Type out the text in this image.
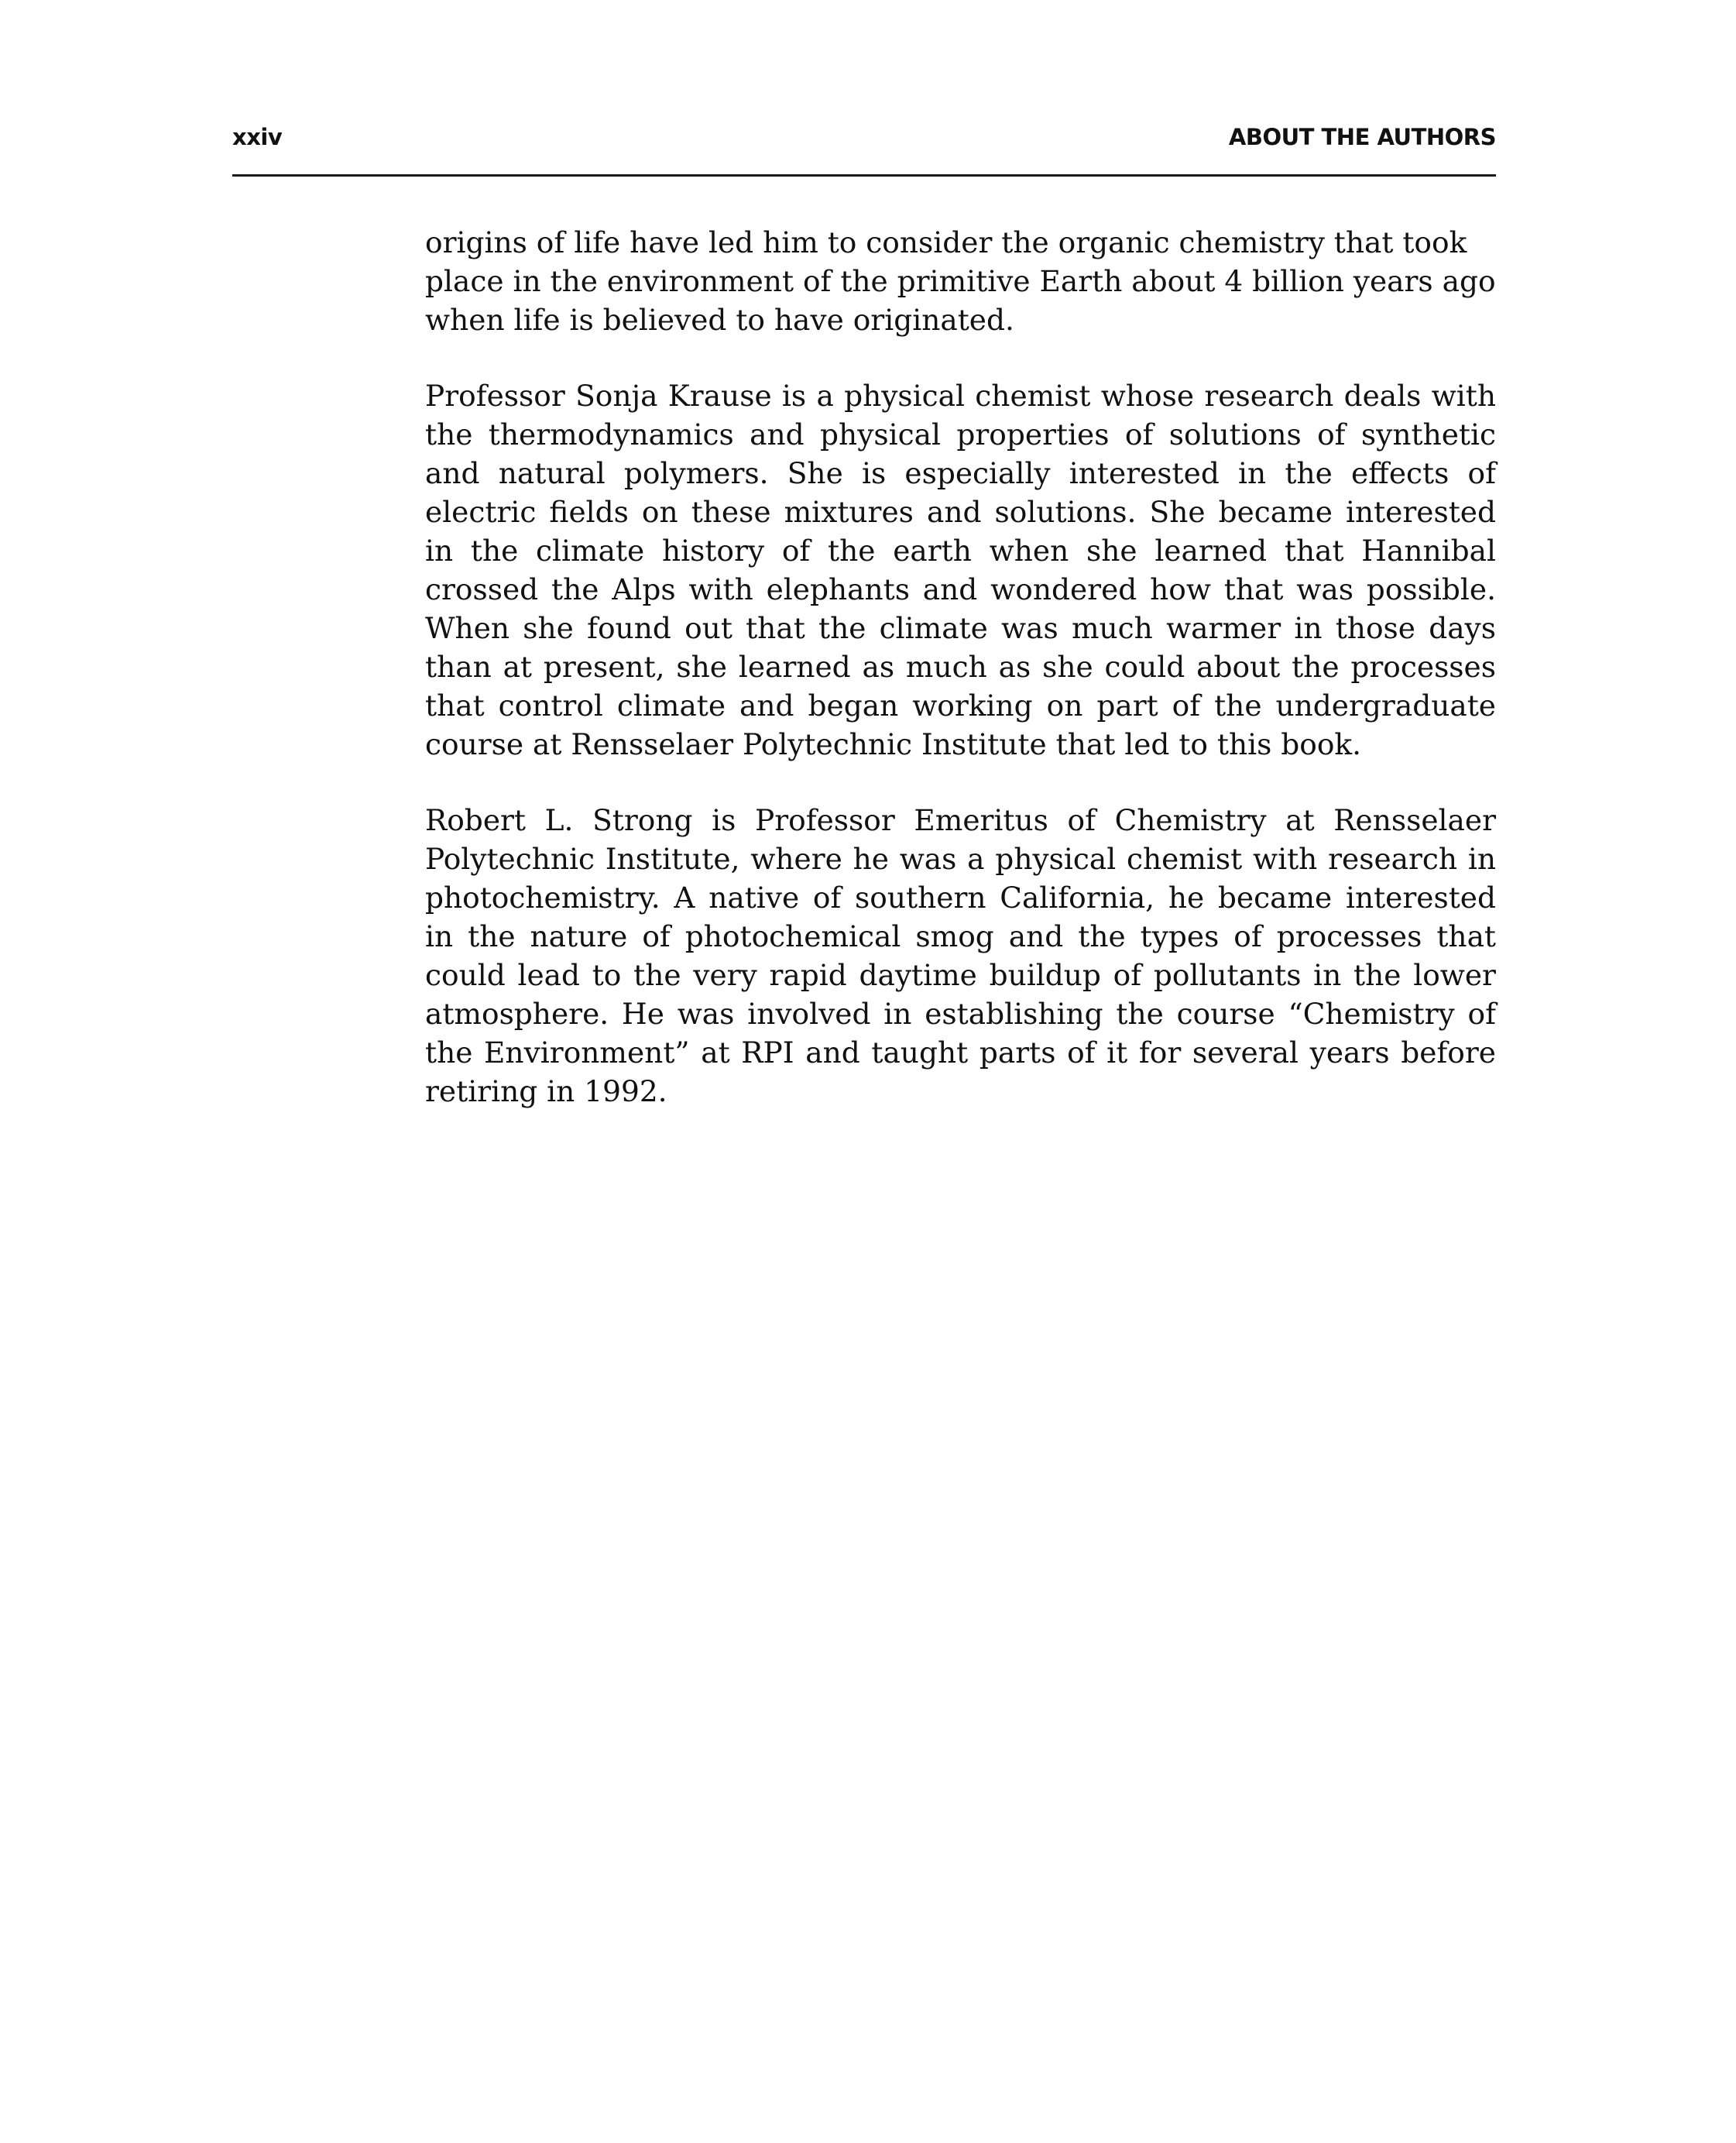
xxiv	ABOUT THE AUTHORS

origins of life have led him to consider the organic chemistry that took place in the environment of the primitive Earth about 4 billion years ago when life is believed to have originated.

Professor Sonja Krause is a physical chemist whose research deals with the thermodynamics and physical properties of solutions of synthetic and natural polymers. She is especially interested in the effects of electric fields on these mixtures and solutions. She became interested in the climate history of the earth when she learned that Hannibal crossed the Alps with elephants and wondered how that was possible. When she found out that the climate was much warmer in those days than at present, she learned as much as she could about the processes that control climate and began working on part of the undergraduate course at Rensselaer Polytechnic Institute that led to this book.

Robert L. Strong is Professor Emeritus of Chemistry at Rensselaer Polytechnic Institute, where he was a physical chemist with research in photochemistry. A native of southern California, he became interested in the nature of photochemical smog and the types of processes that could lead to the very rapid daytime buildup of pollutants in the lower atmosphere. He was involved in establishing the course “Chemistry of the Environment” at RPI and taught parts of it for several years before retiring in 1992.
